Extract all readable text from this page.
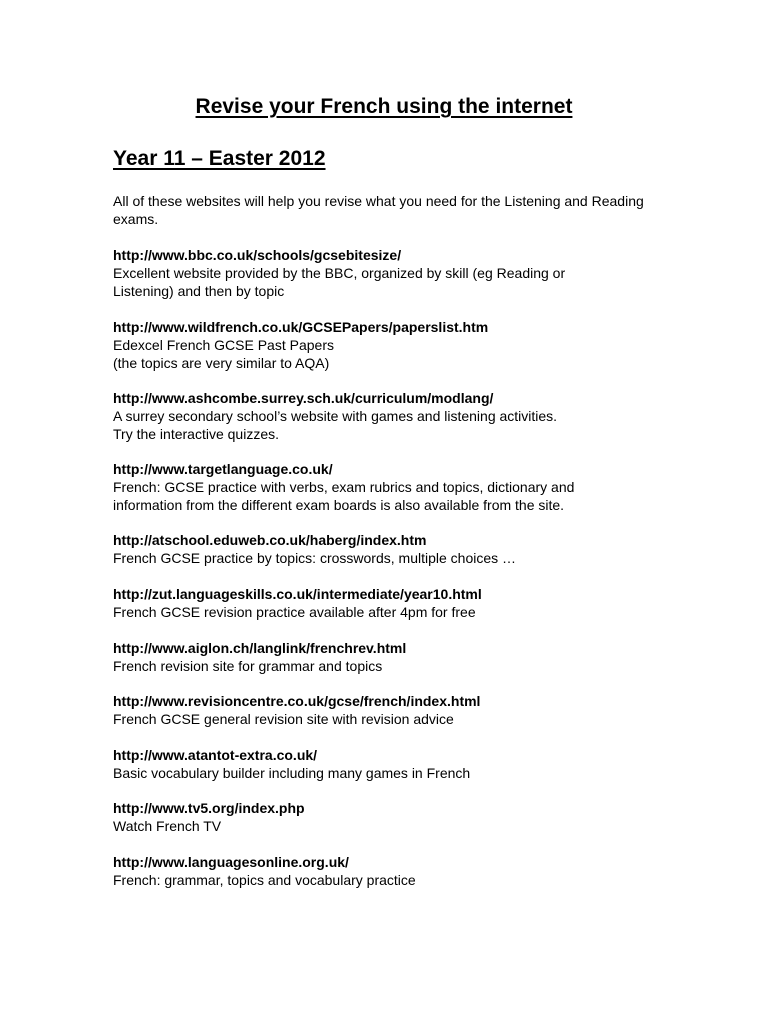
Revise your French using the internet
Year 11 – Easter 2012
All of these websites will help you revise what you need for the Listening and Reading exams.
http://www.bbc.co.uk/schools/gcsebitesize/
Excellent website provided by the BBC, organized by skill (eg Reading or
Listening) and then by topic
http://www.wildfrench.co.uk/GCSEPapers/paperslist.htm
Edexcel French GCSE Past Papers
(the topics are very similar to AQA)
http://www.ashcombe.surrey.sch.uk/curriculum/modlang/
A surrey secondary school’s website with games and listening activities.
Try the interactive quizzes.
http://www.targetlanguage.co.uk/
French: GCSE practice with verbs, exam rubrics and topics, dictionary and
information from the different exam boards is also available from the site.
http://atschool.eduweb.co.uk/haberg/index.htm
French GCSE practice by topics: crosswords, multiple choices …
http://zut.languageskills.co.uk/intermediate/year10.html
French GCSE revision practice available after 4pm for free
http://www.aiglon.ch/langlink/frenchrev.html
French revision site for grammar and topics
http://www.revisioncentre.co.uk/gcse/french/index.html
French GCSE general revision site with revision advice
http://www.atantot-extra.co.uk/
Basic vocabulary builder including many games in French
http://www.tv5.org/index.php
Watch French TV
http://www.languagesonline.org.uk/
French: grammar, topics and vocabulary practice
